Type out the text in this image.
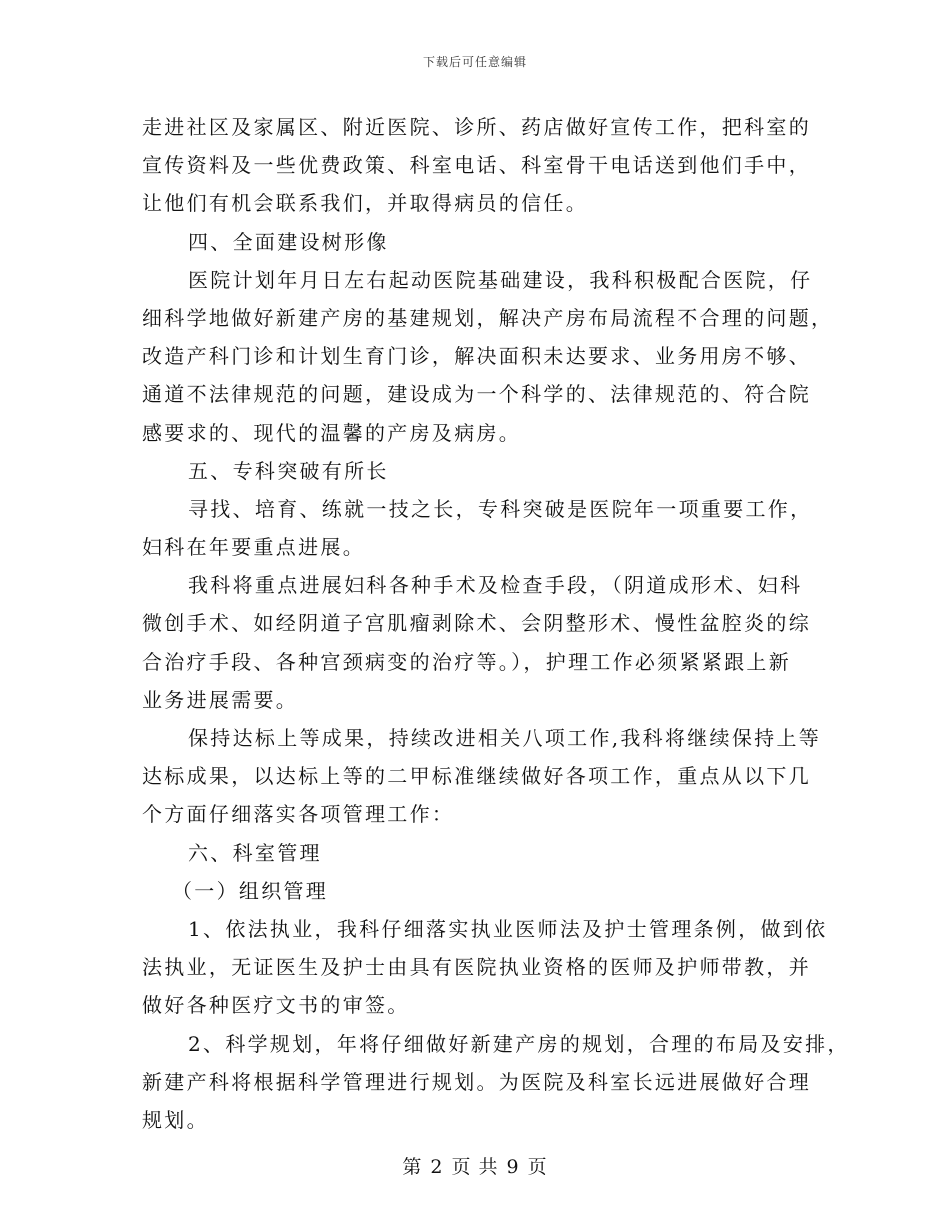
下载后可任意编辑
走进社区及家属区、附近医院、诊所、药店做好宣传工作，把科室的
宣传资料及一些优费政策、科室电话、科室骨干电话送到他们手中，
让他们有机会联系我们，并取得病员的信任。
四、全面建设树形像
医院计划年月日左右起动医院基础建设，我科积极配合医院，仔
细科学地做好新建产房的基建规划，解决产房布局流程不合理的问题，
改造产科门诊和计划生育门诊，解决面积未达要求、业务用房不够、
通道不法律规范的问题，建设成为一个科学的、法律规范的、符合院
感要求的、现代的温馨的产房及病房。
五、专科突破有所长
寻找、培育、练就一技之长，专科突破是医院年一项重要工作，
妇科在年要重点进展。
我科将重点进展妇科各种手术及检查手段，（阴道成形术、妇科
微创手术、如经阴道子宫肌瘤剥除术、会阴整形术、慢性盆腔炎的综
合治疗手段、各种宫颈病变的治疗等。），护理工作必须紧紧跟上新
业务进展需要。
保持达标上等成果，持续改进相关八项工作,我科将继续保持上等
达标成果，以达标上等的二甲标准继续做好各项工作，重点从以下几
个方面仔细落实各项管理工作：
六、科室管理
（一）组织管理
1、依法执业，我科仔细落实执业医师法及护士管理条例，做到依
法执业，无证医生及护士由具有医院执业资格的医师及护师带教，并
做好各种医疗文书的审签。
2、科学规划，年将仔细做好新建产房的规划，合理的布局及安排，
新建产科将根据科学管理进行规划。为医院及科室长远进展做好合理
规划。
第 2 页 共 9 页
